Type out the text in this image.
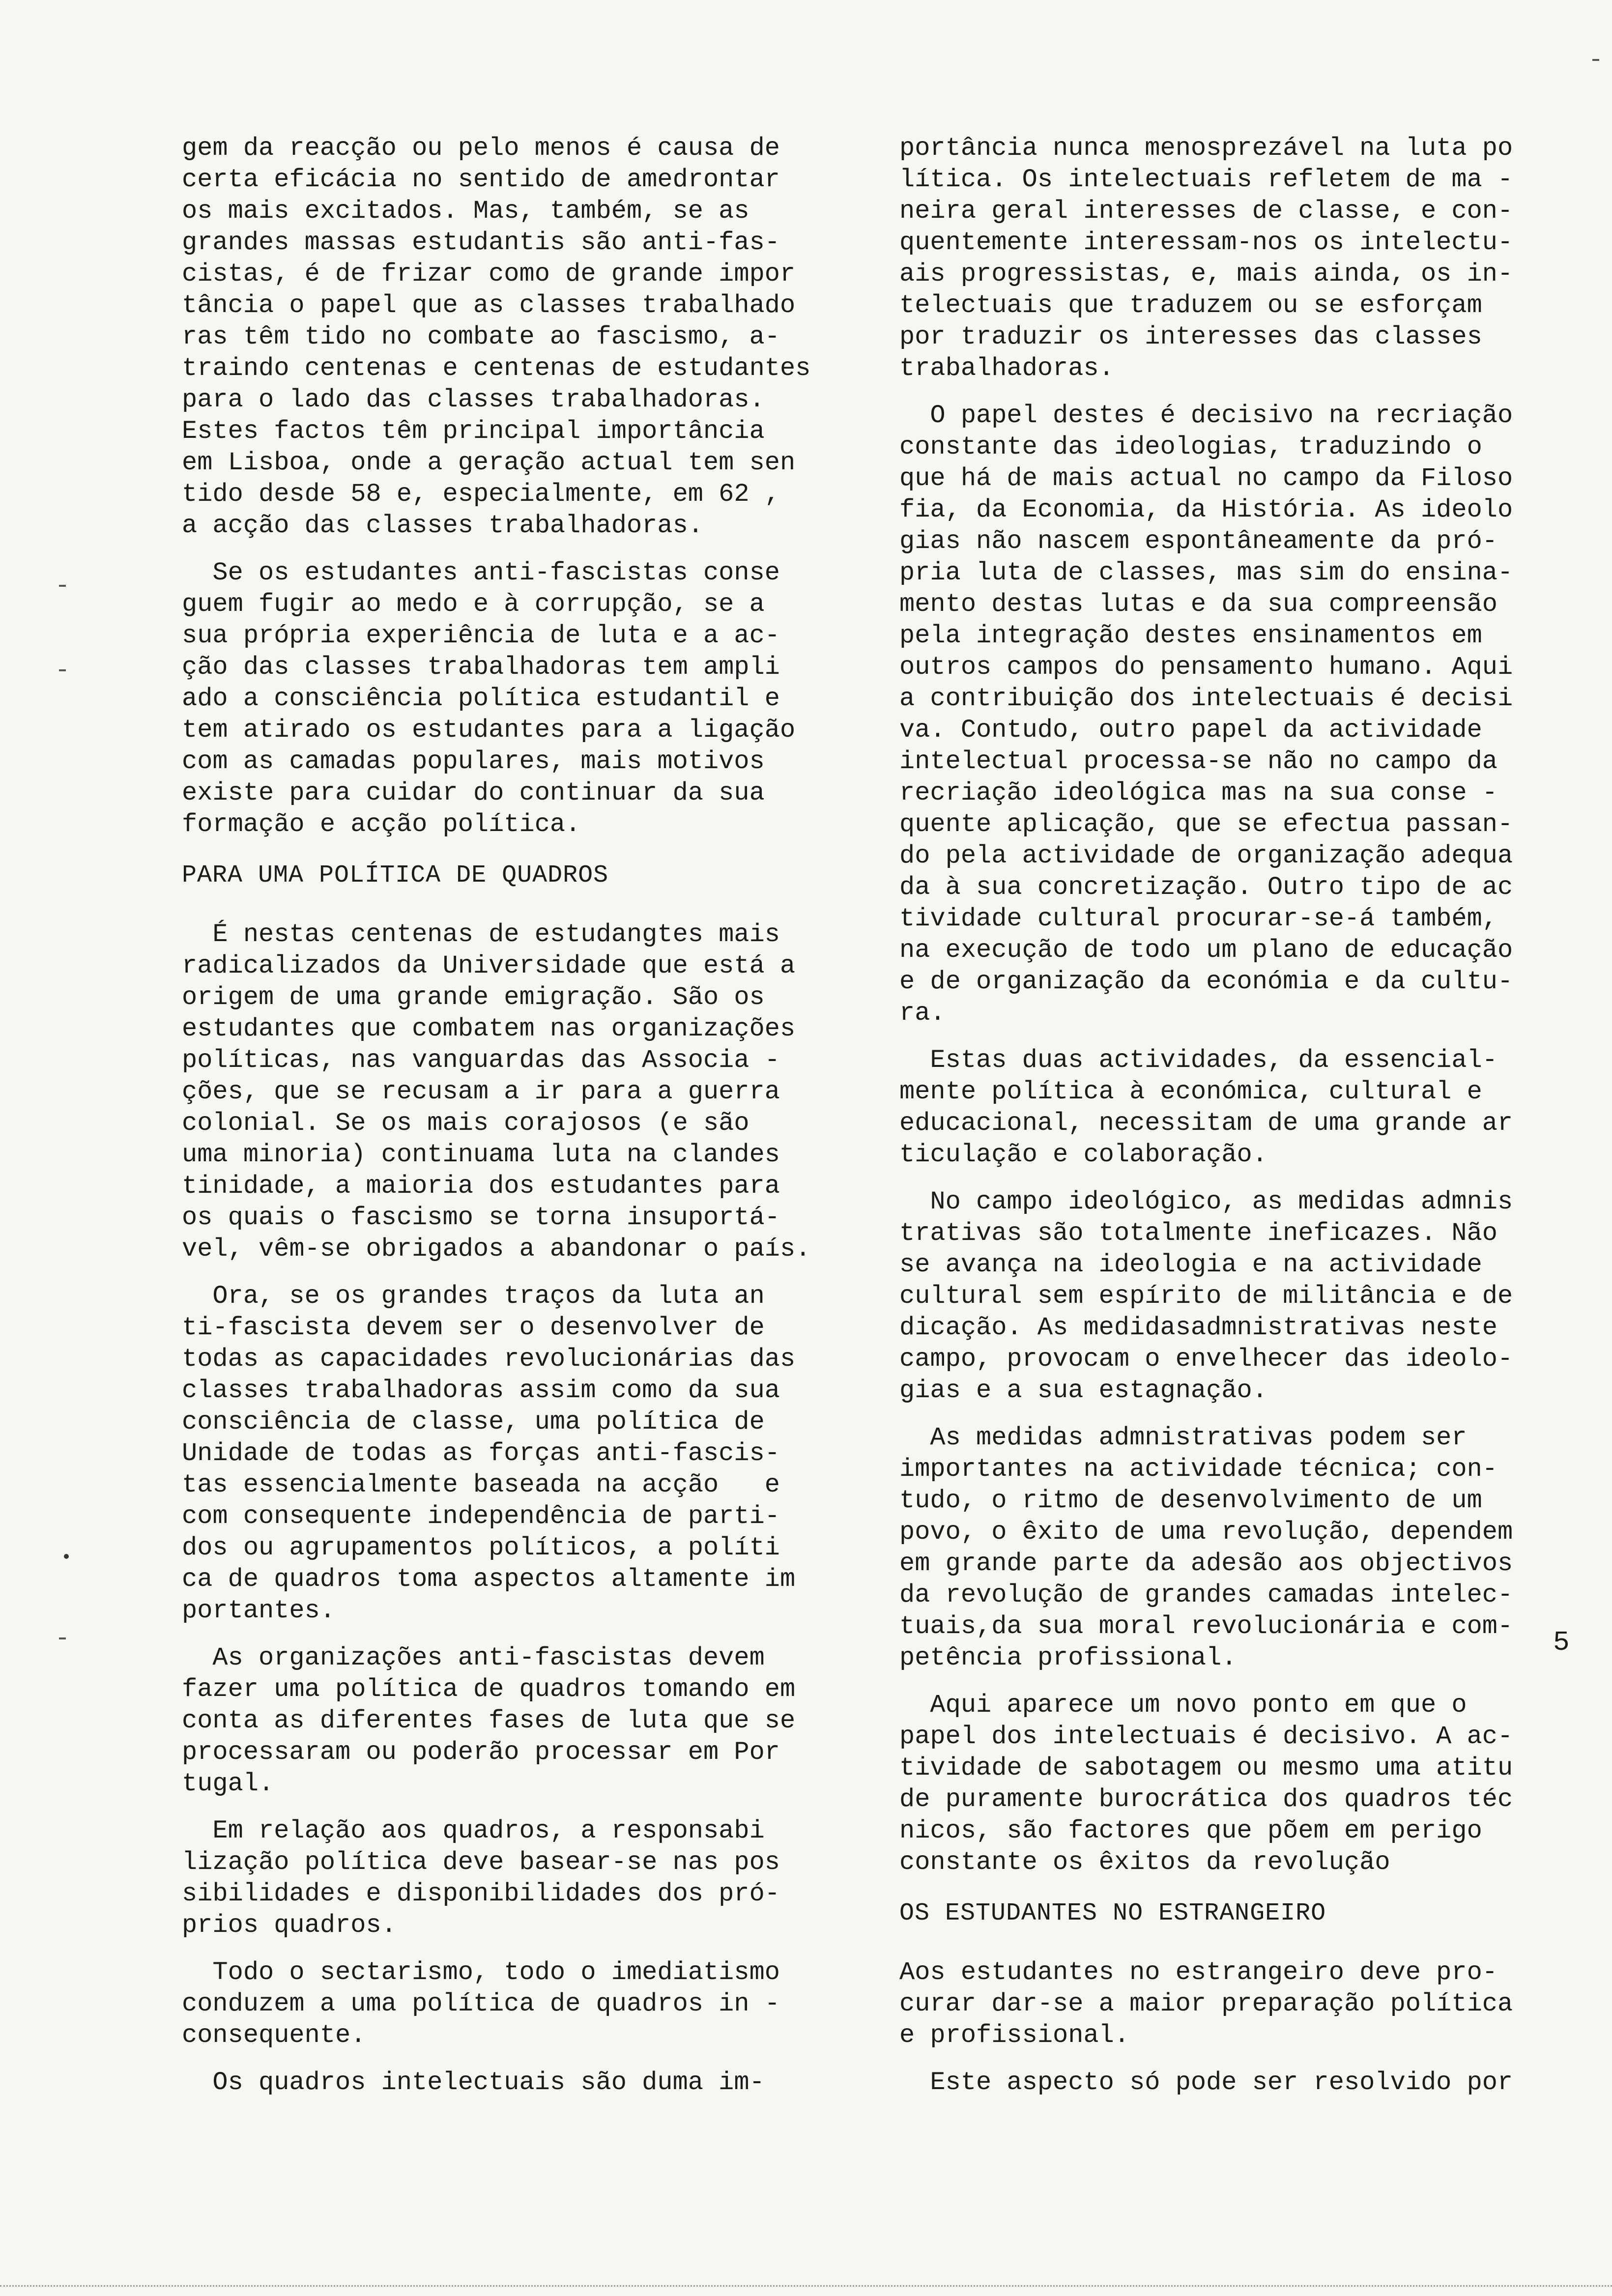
gem da reacção ou pelo menos é causa de
certa eficácia no sentido de amedrontar
os mais excitados. Mas, também, se as
grandes massas estudantis são anti-fas-
cistas, é de frizar como de grande impor
tância o papel que as classes trabalhado
ras têm tido no combate ao fascismo, a-
traindo centenas e centenas de estudantes
para o lado das classes trabalhadoras.
Estes factos têm principal importância
em Lisboa, onde a geração actual tem sen
tido desde 58 e, especialmente, em 62 ,
a acção das classes trabalhadoras.

Se os estudantes anti-fascistas conse
guem fugir ao medo e à corrupção, se a
sua própria experiência de luta e a ac-
ção das classes trabalhadoras tem ampli
ado a consciência política estudantil e
tem atirado os estudantes para a ligação
com as camadas populares, mais motivos
existe para cuidar do continuar da sua
formação e acção política.

PARA UMA POLÍTICA DE QUADROS

É nestas centenas de estudangtes mais
radicalizados da Universidade que está a
origem de uma grande emigração. São os
estudantes que combatem nas organizações
políticas, nas vanguardas das Associa -
ções, que se recusam a ir para a guerra
colonial. Se os mais corajosos (e são
uma minoria) continuama luta na clandes
tinidade, a maioria dos estudantes para
os quais o fascismo se torna insuportá-
vel, vêm-se obrigados a abandonar o país.

Ora, se os grandes traços da luta an
ti-fascista devem ser o desenvolver de
todas as capacidades revolucionárias das
classes trabalhadoras assim como da sua
consciência de classe, uma política de
Unidade de todas as forças anti-fascis-
tas essencialmente baseada na acção   e
com consequente independência de parti-
dos ou agrupamentos políticos, a políti
ca de quadros toma aspectos altamente im
portantes.

As organizações anti-fascistas devem
fazer uma política de quadros tomando em
conta as diferentes fases de luta que se
processaram ou poderão processar em Por
tugal.

Em relação aos quadros, a responsabi
lização política deve basear-se nas pos
sibilidades e disponibilidades dos pró-
prios quadros.

Todo o sectarismo, todo o imediatismo
conduzem a uma política de quadros in -
consequente.

Os quadros intelectuais são duma im-

portância nunca menosprezável na luta po
lítica. Os intelectuais refletem de ma -
neira geral interesses de classe, e con-
quentemente interessam-nos os intelectu-
ais progressistas, e, mais ainda, os in-
telectuais que traduzem ou se esforçam
por traduzir os interesses das classes
trabalhadoras.

O papel destes é decisivo na recriação
constante das ideologias, traduzindo o
que há de mais actual no campo da Filoso
fia, da Economia, da História. As ideolo
gias não nascem espontâneamente da pró-
pria luta de classes, mas sim do ensina-
mento destas lutas e da sua compreensão
pela integração destes ensinamentos em
outros campos do pensamento humano. Aqui
a contribuição dos intelectuais é decisi
va. Contudo, outro papel da actividade
intelectual processa-se não no campo da
recriação ideológica mas na sua conse -
quente aplicação, que se efectua passan-
do pela actividade de organização adequa
da à sua concretização. Outro tipo de ac
tividade cultural procurar-se-á também,
na execução de todo um plano de educação
e de organização da económia e da cultu-
ra.

Estas duas actividades, da essencial-
mente política à económica, cultural e
educacional, necessitam de uma grande ar
ticulação e colaboração.

No campo ideológico, as medidas admnis
trativas são totalmente ineficazes. Não
se avança na ideologia e na actividade
cultural sem espírito de militância e de
dicação. As medidasadmnistrativas neste
campo, provocam o envelhecer das ideolo-
gias e a sua estagnação.

As medidas admnistrativas podem ser
importantes na actividade técnica; con-
tudo, o ritmo de desenvolvimento de um
povo, o êxito de uma revolução, dependem
em grande parte da adesão aos objectivos
da revolução de grandes camadas intelec-
tuais,da sua moral revolucionária e com-
petência profissional.

Aqui aparece um novo ponto em que o
papel dos intelectuais é decisivo. A ac-
tividade de sabotagem ou mesmo uma atitu
de puramente burocrática dos quadros téc
nicos, são factores que põem em perigo
constante os êxitos da revolução

OS ESTUDANTES NO ESTRANGEIRO

Aos estudantes no estrangeiro deve pro-
curar dar-se a maior preparação política
e profissional.

Este aspecto só pode ser resolvido por

5
